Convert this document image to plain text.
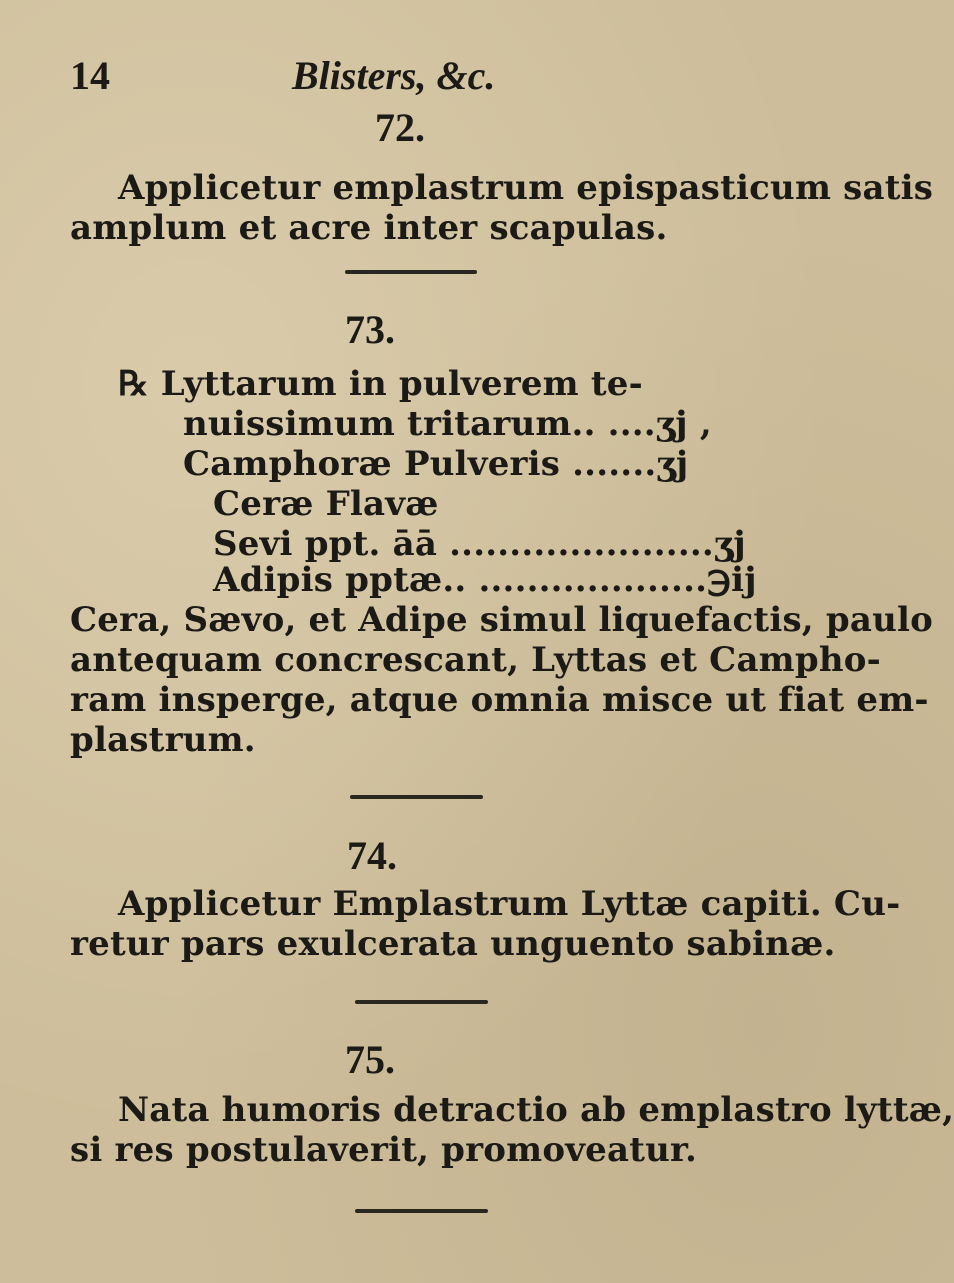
14	Blisters, &c.
72.
Applicetur emplastrum epispasticum satis
amplum et acre inter scapulas.
73.
℞ Lyttarum in pulverem te-
nuissimum tritarum.. ....ʒj ,
Camphoræ Pulveris .......ʒj
Ceræ Flavæ
Sevi ppt. āā ......................ʒj
Adipis pptæ.. ...................℈ij
Cera, Sævo, et Adipe simul liquefactis, paulo
antequam concrescant, Lyttas et Campho-
ram insperge, atque omnia misce ut fiat em-
plastrum.
74.
Applicetur Emplastrum Lyttæ capiti. Cu-
retur pars exulcerata unguento sabinæ.
75.
Nata humoris detractio ab emplastro lyttæ,
si res postulaverit, promoveatur.
